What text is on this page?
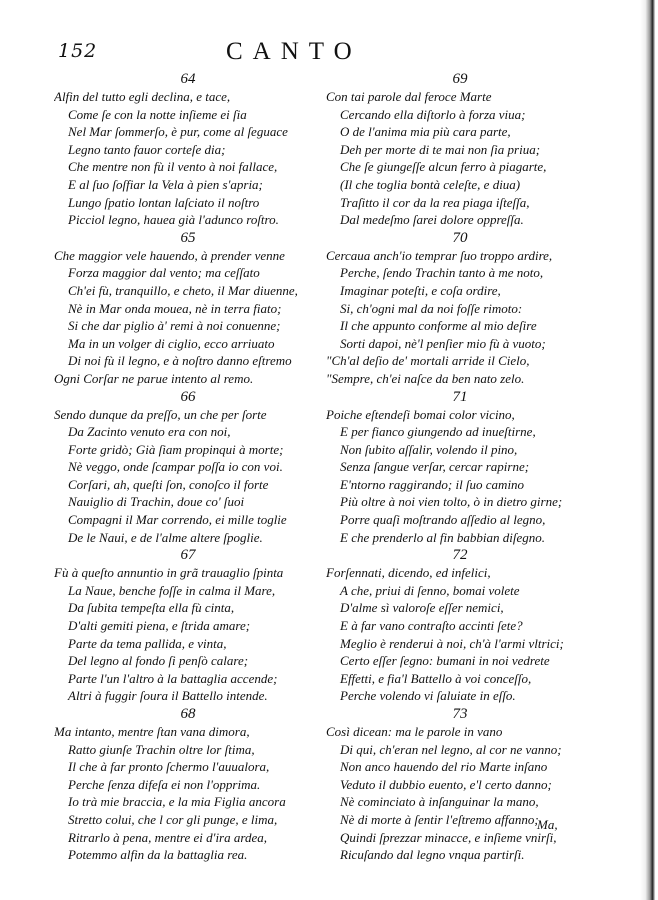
152	CANTO
64
Alfin del tutto egli declina, e tace,
Come ſe con la notte inſieme ei ſia
Nel Mar ſommerſo, è pur, come al ſeguace
Legno tanto fauor corteſe dia;
Che mentre non fù il vento à noi fallace,
E al ſuo ſoſfiar la Vela à pien s'apria;
Lungo ſpatio lontan laſciato il noſtro
Picciol legno, hauea già l'adunco roſtro.
65
Che maggior vele hauendo, à prender venne
Forza maggior dal vento; ma ceſſato
Ch'ei fù, tranquillo, e cheto, il Mar diuenne,
Nè in Mar onda mouea, nè in terra fiato;
Si che dar piglio à' remi à noi conuenne;
Ma in un volger di ciglio, ecco arriuato
Di noi fù il legno, e à noſtro danno eſtremo
Ogni Corſar ne parue intento al remo.
66
Sendo dunque da preſſo, un che per ſorte
Da Zacinto venuto era con noi,
Forte gridò; Già ſiam propinqui à morte;
Nè veggo, onde ſcampar poſſa io con voi.
Corſari, ah, queſti ſon, conoſco il forte
Nauiglio di Trachin, doue co' ſuoi
Compagni il Mar correndo, ei mille toglie
De le Naui, e de l'alme altere ſpoglie.
67
Fù à queſto annuntio in grã trauaglio ſpinta
La Naue, benche foſſe in calma il Mare,
Da ſubita tempeſta ella fù cinta,
D'alti gemiti piena, e ſtrida amare;
Parte da tema pallida, e vinta,
Del legno al fondo ſi penſò calare;
Parte l'un l'altro à la battaglia accende;
Altri à fuggir ſoura il Battello intende.
68
Ma intanto, mentre ſtan vana dimora,
Ratto giunſe Trachin oltre lor ſtima,
Il che à far pronto ſchermo l'auualora,
Perche ſenza difeſa ei non l'opprima.
Io trà mie braccia, e la mia Figlia ancora
Stretto colui, che l cor gli punge, e lima,
Ritrarlo à pena, mentre ei d'ira ardea,
Potemmo alfin da la battaglia rea.
69
Con tai parole dal feroce Marte
Cercando ella diſtorlo à forza viua;
O de l'anima mia più cara parte,
Deh per morte di te mai non ſia priua;
Che ſe giungeſſe alcun ferro à piagarte,
(Il che toglia bontà celeſte, e diua)
Traſitto il cor da la rea piaga iſteſſa,
Dal medeſmo ſarei dolore oppreſſa.
70
Cercaua anch'io temprar ſuo troppo ardire,
Perche, ſendo Trachin tanto à me noto,
Imaginar poteſti, e coſa ordire,
Si, ch'ogni mal da noi foſſe rimoto:
Il che appunto conforme al mio deſire
Sorti dapoi, nè'l penſier mio fù à vuoto;
"Ch'al deſio de' mortali arride il Cielo,
"Sempre, ch'ei naſce da ben nato zelo.
71
Poiche eſtendeſi bomai color vicino,
E per fianco giungendo ad inueſtirne,
Non ſubito aſſalir, volendo il pino,
Senza ſangue verſar, cercar rapirne;
E'ntorno raggirando; il ſuo camino
Più oltre à noi vien tolto, ò in dietro girne;
Porre quaſi moſtrando aſſedio al legno,
E che prenderlo al fin babbian diſegno.
72
Forſennati, dicendo, ed infelici,
A che, priui di ſenno, bomai volete
D'alme sì valoroſe eſſer nemici,
E à far vano contraſto accinti ſete?
Meglio è renderui à noi, ch'à l'armi vltrici;
Certo eſſer ſegno: bumani in noi vedrete
Effetti, e fia'l Battello à voi conceſſo,
Perche volendo vi ſaluiate in eſſo.
73
Così dicean: ma le parole in vano
Di qui, ch'eran nel legno, al cor ne vanno;
Non anco hauendo del rio Marte inſano
Veduto il dubbio euento, e'l certo danno;
Nè cominciato à inſanguinar la mano,
Nè di morte à ſentir l'eſtremo affanno;
Quindi ſprezzar minacce, e inſieme vnirſi,
Ricuſando dal legno vnqua partirſi.
Ma,
